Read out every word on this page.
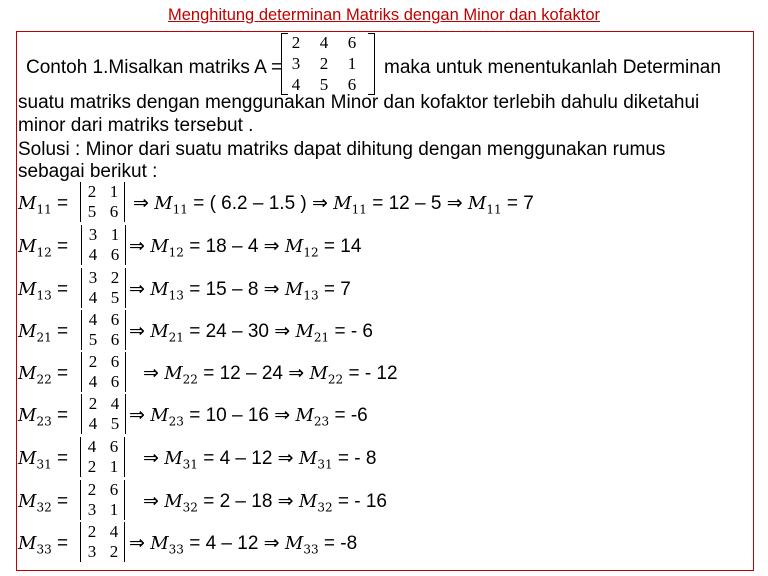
Menghitung determinan Matriks dengan Minor dan kofaktor
Contoh 1.Misalkan matriks A =
2	4	6
3	2	1
4	5	6
maka untuk menentukanlah Determinan
suatu matriks dengan menggunakan Minor dan kofaktor terlebih dahulu diketahui
minor dari matriks tersebut .
Solusi : Minor dari suatu matriks dapat dihitung dengan menggunakan rumus
sebagai berikut :
$M_{11}$ =
2 1
5 6 ⇒ $M_{11}$ = ( 6.2 – 1.5 ) ⇒ $M_{11} = 12 - 5$ ⇒ $M_{11} = 7$
$M_{12}$ =
3 1
4 6 ⇒ $M_{12} = 18 - 4$ ⇒ $M_{12} = 14$
$M_{13}$ =
3 2
4 5 ⇒ $M_{13} = 15 - 8$ ⇒ $M_{13} = 7$
$M_{21}$ =
4 6
5 6 ⇒ $M_{21} = 24 - 30$ ⇒ $M_{21}$ = - 6
$M_{22}$ =
2 6
4 6	⇒ $M_{22} = 12 - 24$ ⇒ $M_{22}$ = - 12
$M_{23}$ =
2 4
4 5 ⇒ $M_{23} = 10 - 16$ ⇒ $M_{23} = -6$
$M_{31}$ =
4 6
2 1	⇒ $M_{31} = 4 - 12$ ⇒ $M_{31}$ = - 8
$M_{32}$ =
2 6
3 1	⇒ $M_{32} = 2 - 18$ ⇒ $M_{32}$ = - 16
$M_{33}$ =
2 4
3 2 ⇒ $M_{33} = 4 - 12$ ⇒ $M_{33} = -8$
